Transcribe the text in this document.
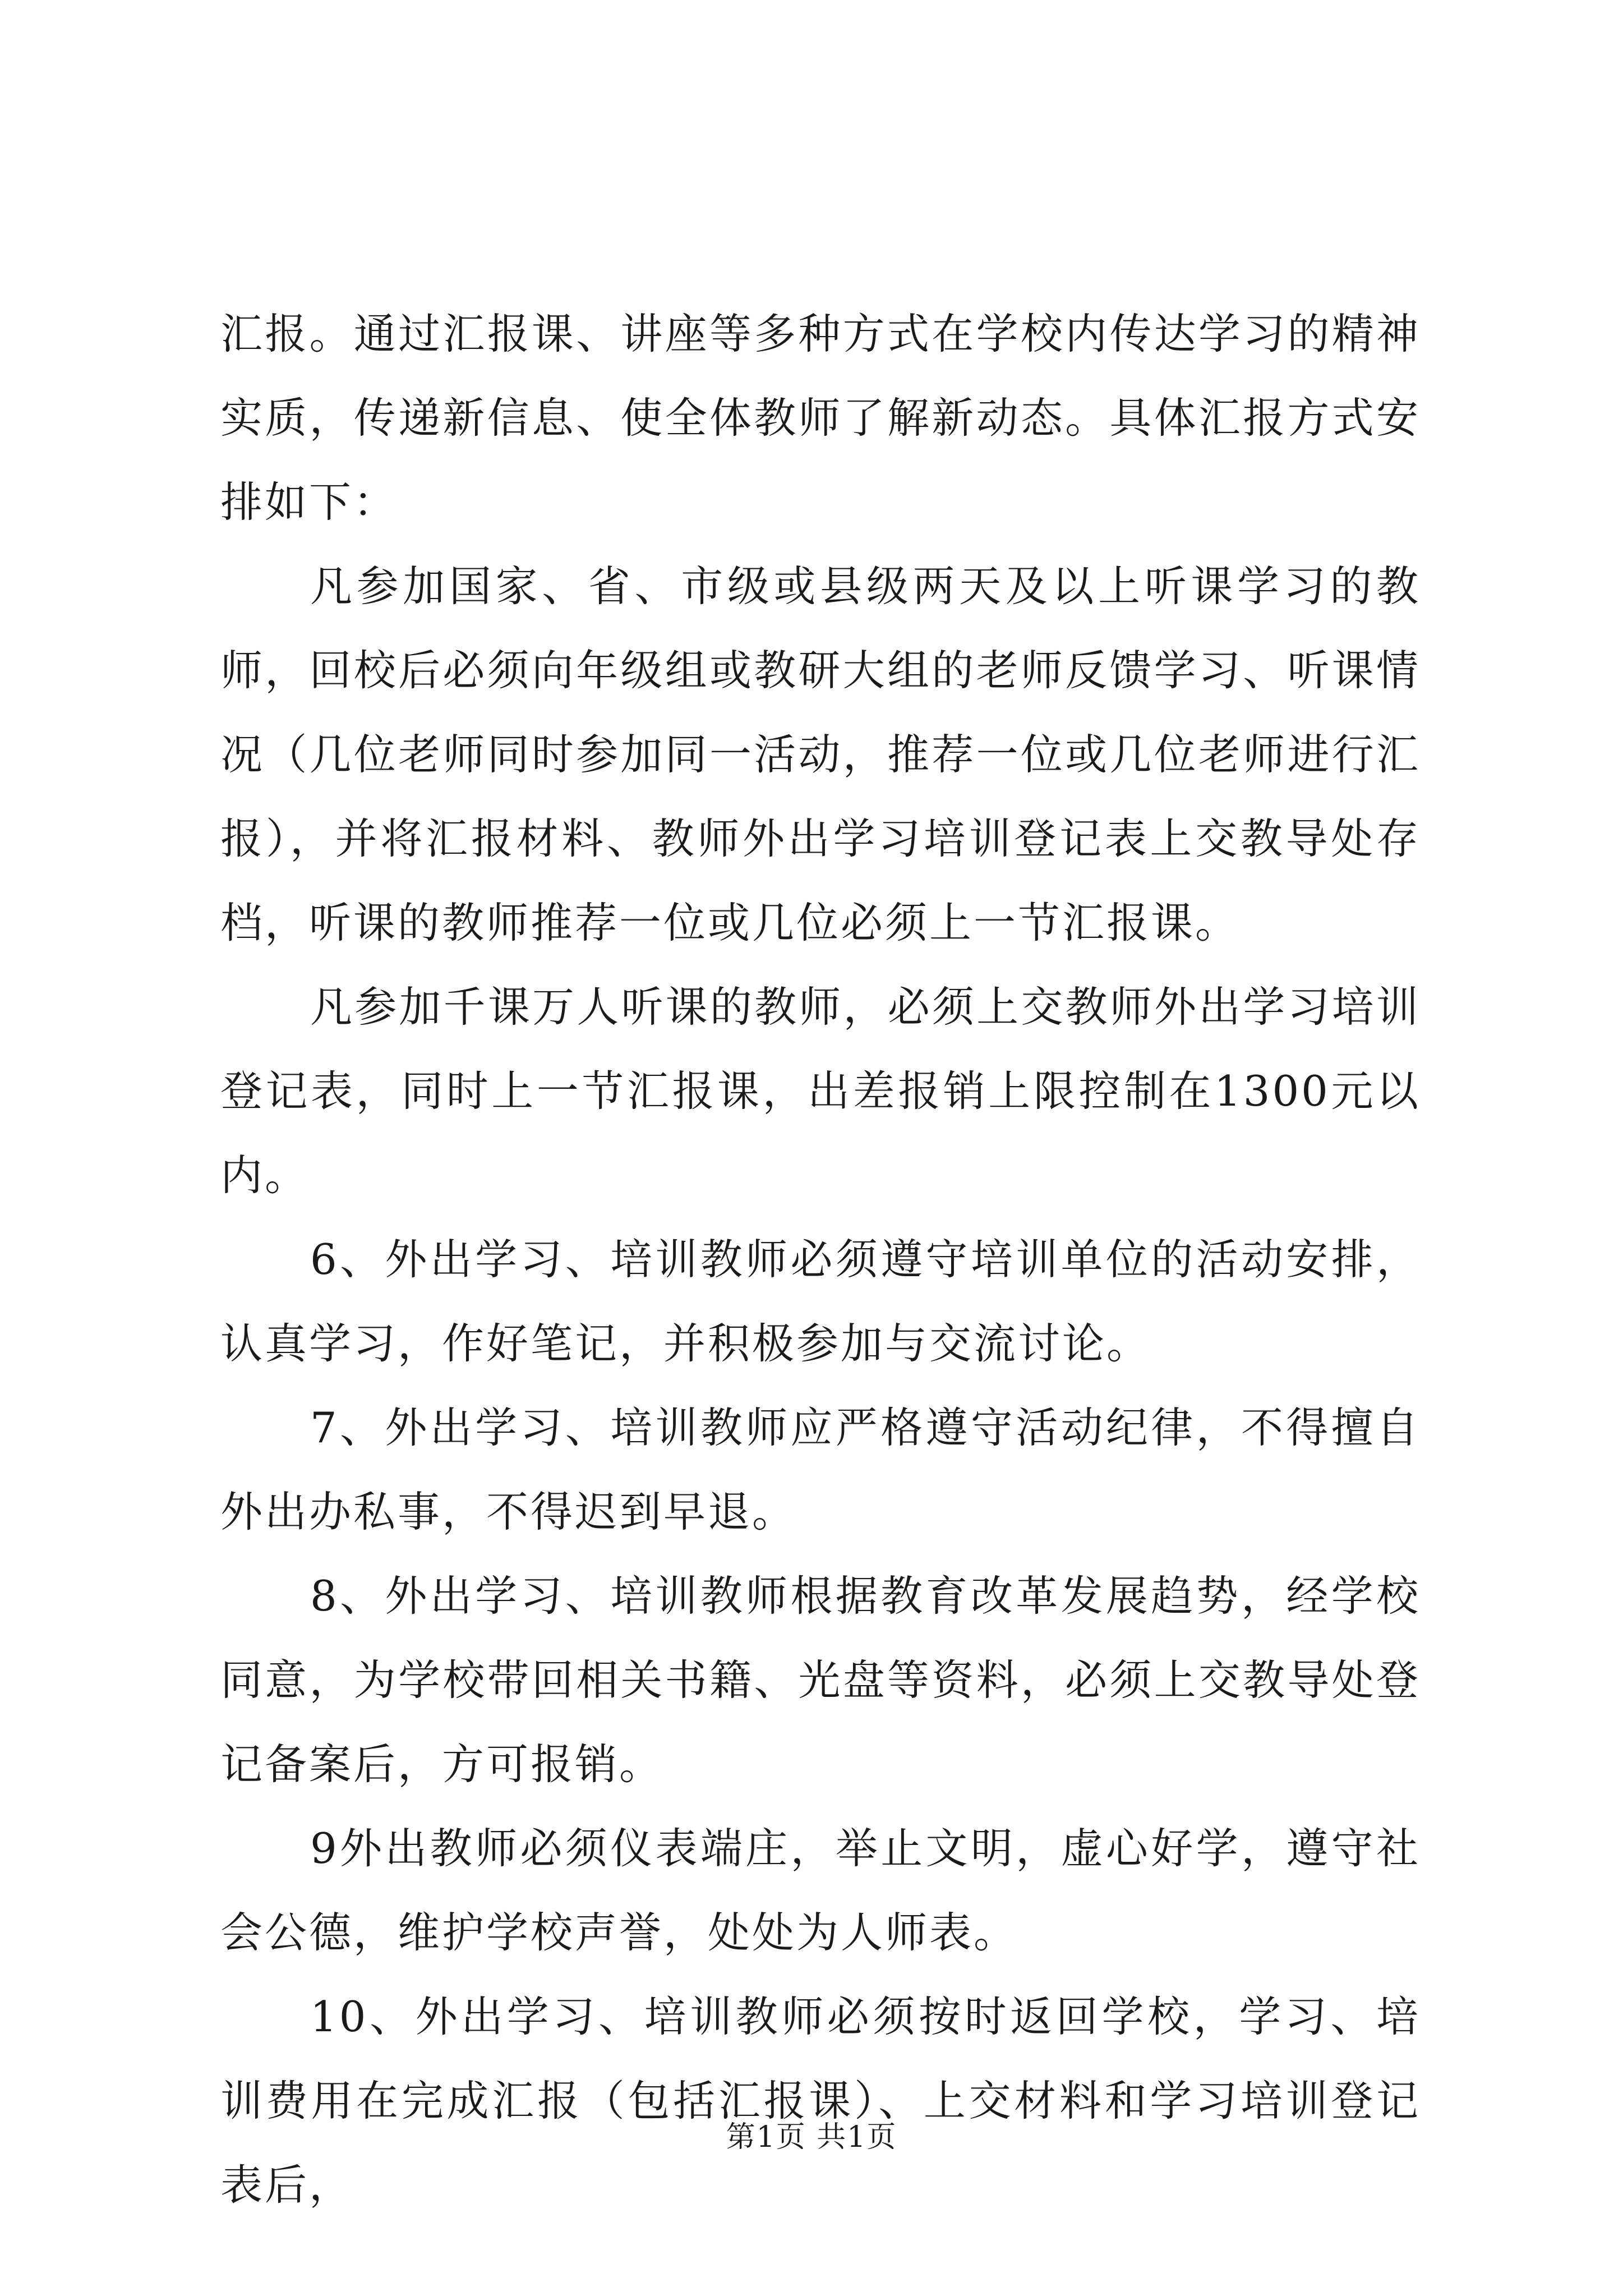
汇报。通过汇报课、讲座等多种方式在学校内传达学习的精神实质，传递新信息、使全体教师了解新动态。具体汇报方式安排如下：

凡参加国家、省、市级或县级两天及以上听课学习的教师，回校后必须向年级组或教研大组的老师反馈学习、听课情况（几位老师同时参加同一活动，推荐一位或几位老师进行汇报），并将汇报材料、教师外出学习培训登记表上交教导处存档，听课的教师推荐一位或几位必须上一节汇报课。

凡参加千课万人听课的教师，必须上交教师外出学习培训登记表，同时上一节汇报课，出差报销上限控制在1300元以内。

6、外出学习、培训教师必须遵守培训单位的活动安排，认真学习，作好笔记，并积极参加与交流讨论。

7、外出学习、培训教师应严格遵守活动纪律，不得擅自外出办私事，不得迟到早退。

8、外出学习、培训教师根据教育改革发展趋势，经学校同意，为学校带回相关书籍、光盘等资料，必须上交教导处登记备案后，方可报销。

9外出教师必须仪表端庄，举止文明，虚心好学，遵守社会公德，维护学校声誉，处处为人师表。

10、外出学习、培训教师必须按时返回学校，学习、培训费用在完成汇报（包括汇报课）、上交材料和学习培训登记表后，

第1页 共1页
